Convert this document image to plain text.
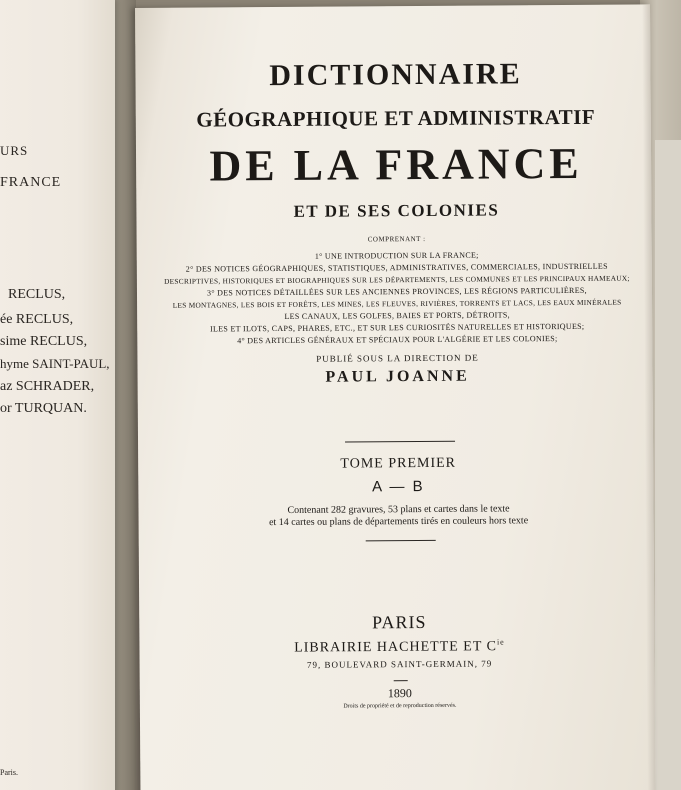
URS
FRANCE
RECLUS,
ée RECLUS,
sime RECLUS,
hyme SAINT-PAUL,
az SCHRADER,
or TURQUAN.
Paris.
DICTIONNAIRE
GÉOGRAPHIQUE ET ADMINISTRATIF
DE LA FRANCE
ET DE SES COLONIES
COMPRENANT :
1° UNE INTRODUCTION SUR LA FRANCE;
2° DES NOTICES GÉOGRAPHIQUES, STATISTIQUES, ADMINISTRATIVES, COMMERCIALES, INDUSTRIELLES
DESCRIPTIVES, HISTORIQUES ET BIOGRAPHIQUES SUR LES DÉPARTEMENTS, LES COMMUNES ET LES PRINCIPAUX HAMEAUX;
3° DES NOTICES DÉTAILLÉES SUR LES ANCIENNES PROVINCES, LES RÉGIONS PARTICULIÈRES,
LES MONTAGNES, LES BOIS ET FORÊTS, LES MINES, LES FLEUVES, RIVIÈRES, TORRENTS ET LACS, LES EAUX MINÉRALES
LES CANAUX, LES GOLFES, BAIES ET PORTS, DÉTROITS,
ILES ET ILOTS, CAPS, PHARES, ETC., ET SUR LES CURIOSITÉS NATURELLES ET HISTORIQUES;
4° DES ARTICLES GÉNÉRAUX ET SPÉCIAUX POUR L'ALGÉRIE ET LES COLONIES;
PUBLIÉ SOUS LA DIRECTION DE
PAUL JOANNE
TOME PREMIER
A — B
Contenant 282 gravures, 53 plans et cartes dans le texte
et 14 cartes ou plans de départements tirés en couleurs hors texte
PARIS
LIBRAIRIE HACHETTE ET $C^{ie}$
79, BOULEVARD SAINT-GERMAIN, 79
1890
Droits de propriété et de reproduction réservés.
